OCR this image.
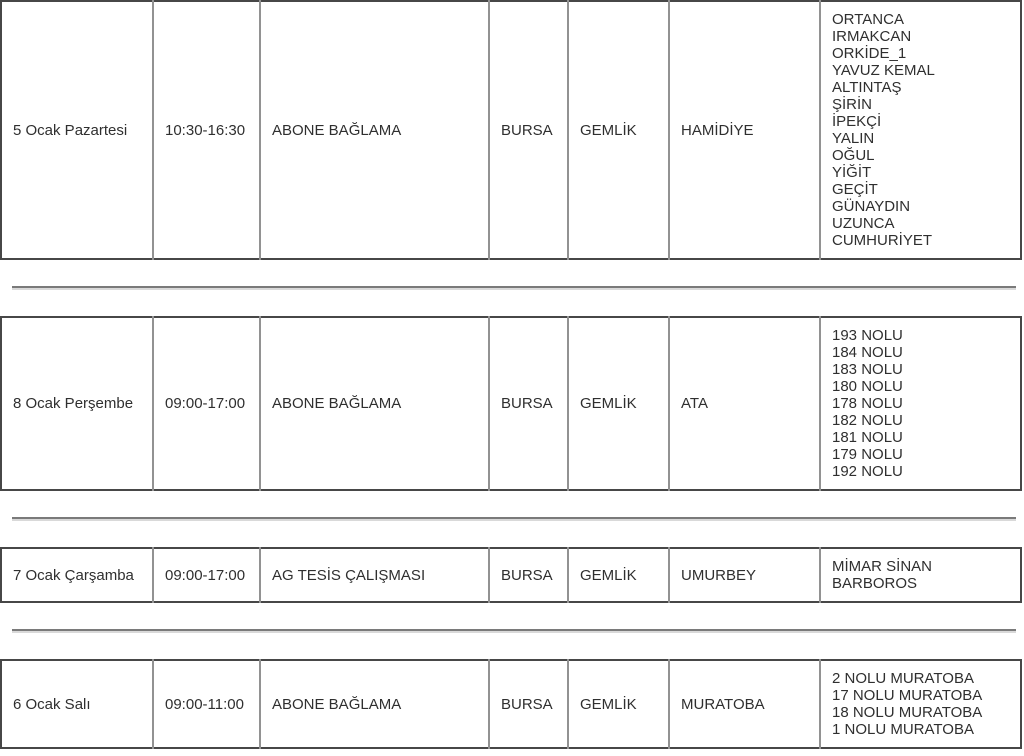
5 Ocak Pazartesi	10:30-16:30	ABONE BAĞLAMA	BURSA	GEMLİK	HAMİDİYE	
ORTANCA
IRMAKCAN
ORKİDE_1
YAVUZ KEMAL
ALTINTAŞ
ŞİRİN
İPEKÇİ
YALIN
OĞUL
YİĞİT
GEÇİT
GÜNAYDIN
UZUNCA
CUMHURİYET
8 Ocak Perşembe	09:00-17:00	ABONE BAĞLAMA	BURSA	GEMLİK	ATA	
193 NOLU
184 NOLU
183 NOLU
180 NOLU
178 NOLU
182 NOLU
181 NOLU
179 NOLU
192 NOLU
7 Ocak Çarşamba	09:00-17:00	AG TESİS ÇALIŞMASI	BURSA	GEMLİK	UMURBEY	MİMAR SİNAN
BARBOROS
6 Ocak Salı	09:00-11:00	ABONE BAĞLAMA	BURSA	GEMLİK	MURATOBA	
2 NOLU MURATOBA
17 NOLU MURATOBA
18 NOLU MURATOBA
1 NOLU MURATOBA
